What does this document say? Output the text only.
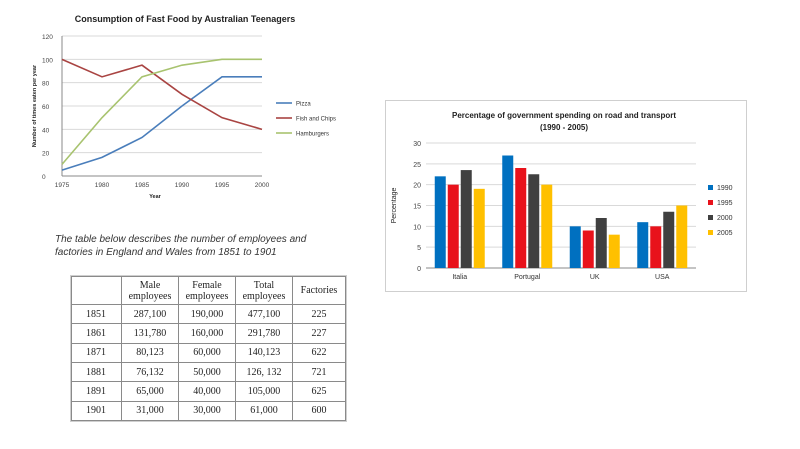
Consumption of Fast Food by Australian Teenagers
0
20
40
60
80
100
120
1975	1980	1985	1990	1995	2000
Year
Number of times eaten per year	Pizza
Fish and Chips
Hamburgers
Percentage of government spending on road and transport
(1990 - 2005)
0
5
10
15
20
25
30
Percentage
Italia	Portugal	UK	USA
1990
1995
2000
2005
The table below describes the number of employees and factories in England and Wales from 1851 to 1901
	Male employees	Female employees	Total employees	Factories
1851	287,100	190,000	477,100	225
1861	131,780	160,000	291,780	227
1871	80,123	60,000	140,123	622
1881	76,132	50,000	126, 132	721
1891	65,000	40,000	105,000	625
1901	31,000	30,000	61,000	600
